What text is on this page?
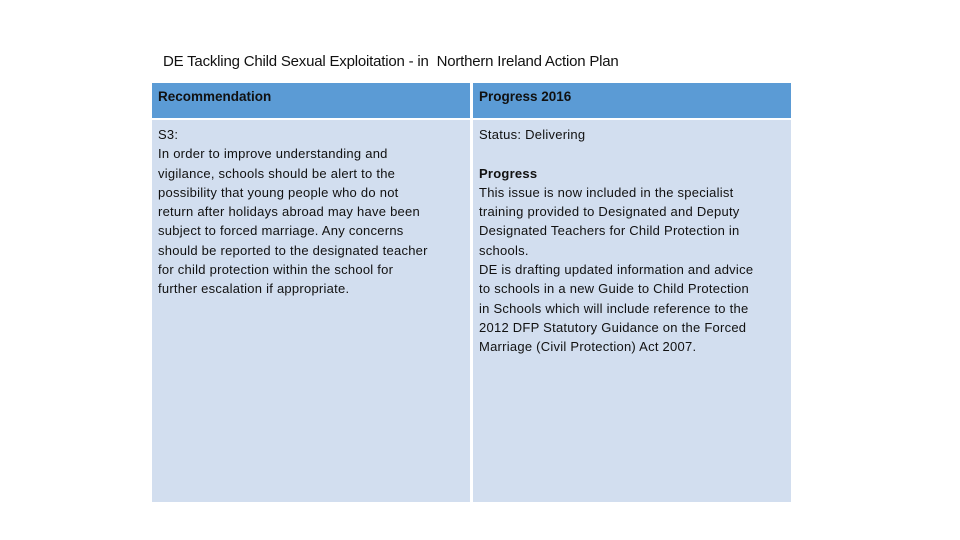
DE Tackling Child Sexual Exploitation - in  Northern Ireland Action Plan
Recommendation	Progress 2016
S3:
In order to improve understanding and
vigilance, schools should be alert to the
possibility that young people who do not
return after holidays abroad may have been
subject to forced marriage. Any concerns
should be reported to the designated teacher
for child protection within the school for
further escalation if appropriate.
Status: Delivering
Progress
This issue is now included in the specialist
training provided to Designated and Deputy
Designated Teachers for Child Protection in
schools.
DE is drafting updated information and advice
to schools in a new Guide to Child Protection
in Schools which will include reference to the
2012 DFP Statutory Guidance on the Forced
Marriage (Civil Protection) Act 2007.
